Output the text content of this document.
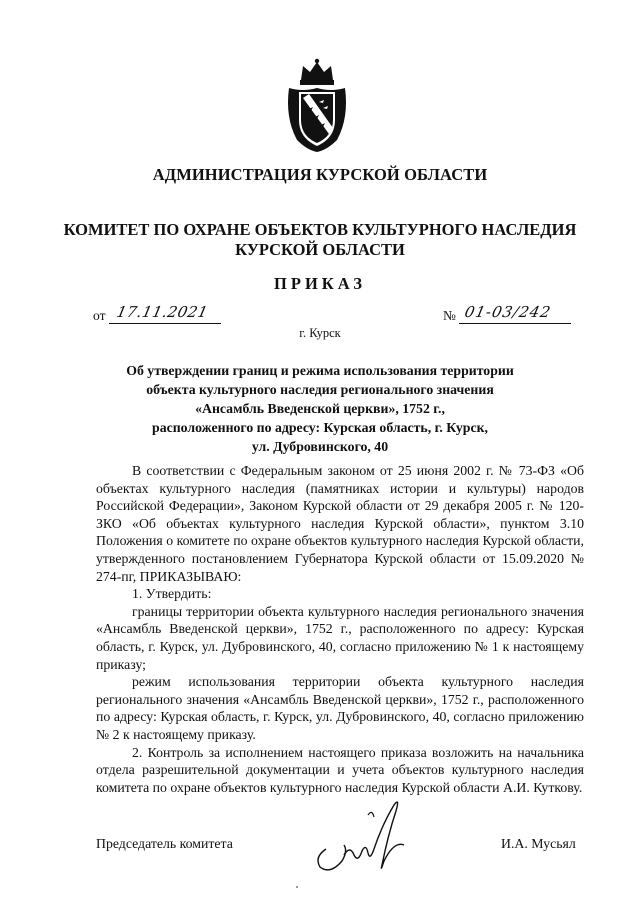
АДМИНИСТРАЦИЯ КУРСКОЙ ОБЛАСТИ
КОМИТЕТ ПО ОХРАНЕ ОБЪЕКТОВ КУЛЬТУРНОГО НАСЛЕДИЯ
КУРСКОЙ ОБЛАСТИ
ПРИКАЗ
от 17.11.2021	№ 01-03/242
г. Курск
Об утверждении границ и режима использования территории
объекта культурного наследия регионального значения
«Ансамбль Введенской церкви», 1752 г.,
расположенного по адресу: Курская область, г. Курск,
ул. Дубровинского, 40

В соответствии с Федеральным законом от 25 июня 2002 г. № 73-ФЗ «Об объектах культурного наследия (памятниках истории и культуры) народов Российской Федерации», Законом Курской области от 29 декабря 2005 г. № 120-ЗКО «Об объектах культурного наследия Курской области», пунктом 3.10 Положения о комитете по охране объектов культурного наследия Курской области, утвержденного постановлением Губернатора Курской области от 15.09.2020 № 274-пг, ПРИКАЗЫВАЮ:

1. Утвердить:

границы территории объекта культурного наследия регионального значения «Ансамбль Введенской церкви», 1752 г., расположенного по адресу: Курская область, г. Курск, ул. Дубровинского, 40, согласно приложению № 1 к настоящему приказу;

режим использования территории объекта культурного наследия регионального значения «Ансамбль Введенской церкви», 1752 г., расположенного по адресу: Курская область, г. Курск, ул. Дубровинского, 40, согласно приложению № 2 к настоящему приказу.

2. Контроль за исполнением настоящего приказа возложить на начальника отдела разрешительной документации и учета объектов культурного наследия комитета по охране объектов культурного наследия Курской области А.И. Куткову.

Председатель комитета	И.А. Мусьял
